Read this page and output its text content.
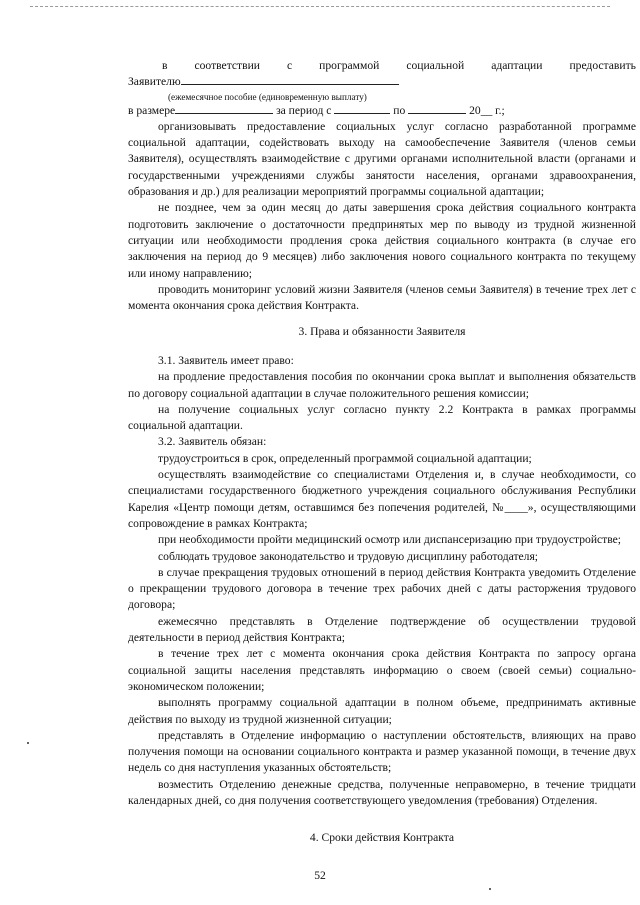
в соответствии с программой социальной адаптации предоставить

Заявителю

(ежемесячное пособие (единовременную выплату)

в размере	за период с	по	20__ г.;

организовывать предоставление социальных услуг согласно разработанной программе социальной адаптации, содействовать выходу на самообеспечение Заявителя (членов семьи Заявителя), осуществлять взаимодействие с другими органами исполнительной власти (органами и государственными учреждениями службы занятости населения, органами здравоохранения, образования и др.) для реализации мероприятий программы социальной адаптации;

не позднее, чем за один месяц до даты завершения срока действия социального контракта подготовить заключение о достаточности предпринятых мер по выводу из трудной жизненной ситуации или необходимости продления срока действия социального контракта (в случае его заключения на период до 9 месяцев) либо заключения нового социального контракта по текущему или иному направлению;

проводить мониторинг условий жизни Заявителя (членов семьи Заявителя) в течение трех лет с момента окончания срока действия Контракта.

3. Права и обязанности Заявителя

3.1. Заявитель имеет право:

на продление предоставления пособия по окончании срока выплат и выполнения обязательств по договору социальной адаптации в случае положительного решения комиссии;

на получение социальных услуг согласно пункту 2.2 Контракта в рамках программы социальной адаптации.

3.2. Заявитель обязан:

трудоустроиться в срок, определенный программой социальной адаптации;

осуществлять взаимодействие со специалистами Отделения и, в случае необходимости, со специалистами государственного бюджетного учреждения социального обслуживания Республики Карелия «Центр помощи детям, оставшимся без попечения родителей, №____», осуществляющими сопровождение в рамках Контракта;

при необходимости пройти медицинский осмотр или диспансеризацию при трудоустройстве;

соблюдать трудовое законодательство и трудовую дисциплину работодателя;

в случае прекращения трудовых отношений в период действия Контракта уведомить Отделение о прекращении трудового договора в течение трех рабочих дней с даты расторжения трудового договора;

ежемесячно представлять в Отделение подтверждение об осуществлении трудовой деятельности в период действия Контракта;

в течение трех лет с момента окончания срока действия Контракта по запросу органа социальной защиты населения представлять информацию о своем (своей семьи) социально-экономическом положении;

выполнять программу социальной адаптации в полном объеме, предпринимать активные действия по выходу из трудной жизненной ситуации;

представлять в Отделение информацию о наступлении обстоятельств, влияющих на право получения помощи на основании социального контракта и размер указанной помощи, в течение двух недель со дня наступления указанных обстоятельств;

возместить Отделению денежные средства, полученные неправомерно, в течение тридцати календарных дней, со дня получения соответствующего уведомления (требования) Отделения.

4. Сроки действия Контракта
52
